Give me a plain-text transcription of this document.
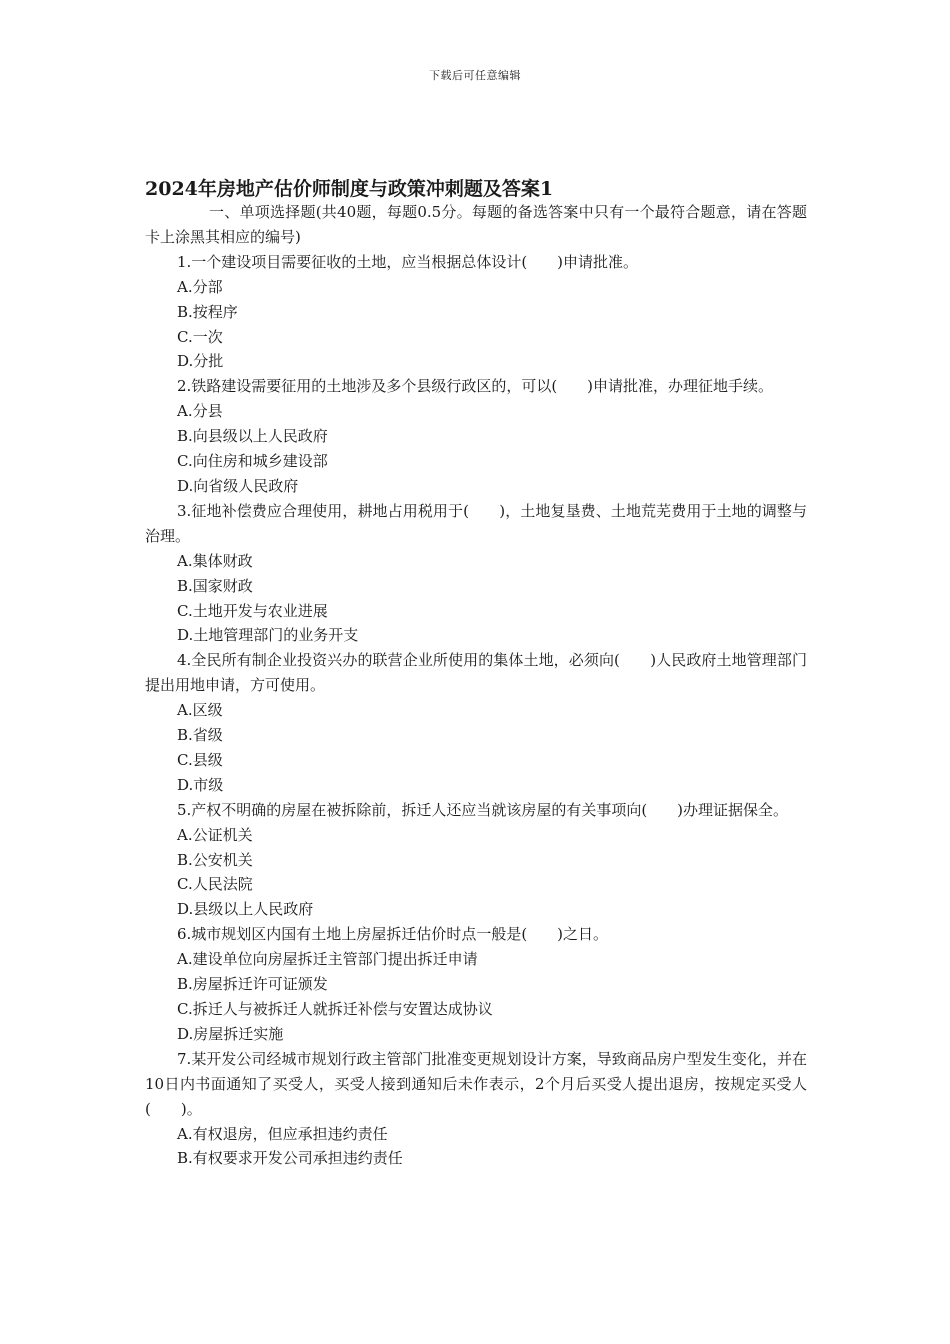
下载后可任意编辑
2024年房地产估价师制度与政策冲刺题及答案1

一、单项选择题(共40题，每题0.5分。每题的备选答案中只有一个最符合题意，请在答题卡上涂黑其相应的编号)

1.一个建设项目需要征收的土地，应当根据总体设计(　　)申请批准。

A.分部

B.按程序

C.一次

D.分批

2.铁路建设需要征用的土地涉及多个县级行政区的，可以(　　)申请批准，办理征地手续。

A.分县

B.向县级以上人民政府

C.向住房和城乡建设部

D.向省级人民政府

3.征地补偿费应合理使用，耕地占用税用于(　　)，土地复垦费、土地荒芜费用于土地的调整与治理。

A.集体财政

B.国家财政

C.土地开发与农业进展

D.土地管理部门的业务开支

4.全民所有制企业投资兴办的联营企业所使用的集体土地，必须向(　　)人民政府土地管理部门提出用地申请，方可使用。

A.区级

B.省级

C.县级

D.市级

5.产权不明确的房屋在被拆除前，拆迁人还应当就该房屋的有关事项向(　　)办理证据保全。

A.公证机关

B.公安机关

C.人民法院

D.县级以上人民政府

6.城市规划区内国有土地上房屋拆迁估价时点一般是(　　)之日。

A.建设单位向房屋拆迁主管部门提出拆迁申请

B.房屋拆迁许可证颁发

C.拆迁人与被拆迁人就拆迁补偿与安置达成协议

D.房屋拆迁实施

7.某开发公司经城市规划行政主管部门批准变更规划设计方案，导致商品房户型发生变化，并在10日内书面通知了买受人，买受人接到通知后未作表示，2个月后买受人提出退房，按规定买受人(　　)。

A.有权退房，但应承担违约责任

B.有权要求开发公司承担违约责任
